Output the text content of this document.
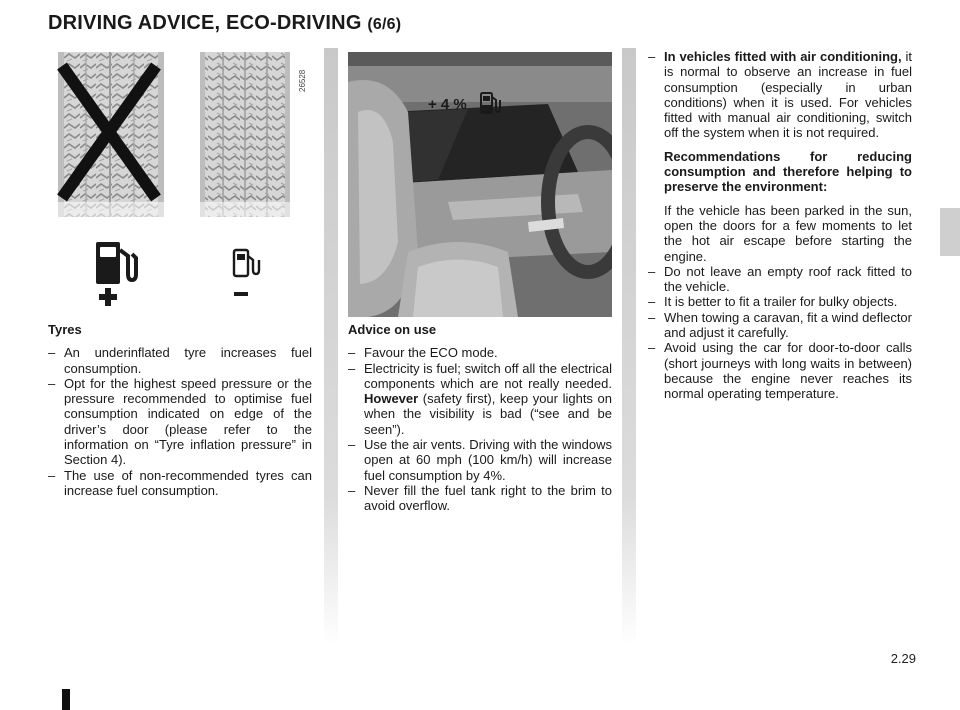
DRIVING ADVICE, ECO-DRIVING (6/6)
26528
+ 4 %

Tyres

– An underinflated tyre increases fuel consumption.
– Opt for the highest speed pressure or the pressure recommended to optimise fuel consumption indicated on edge of the driver’s door (please refer to the information on “Tyre inflation pressure” in Section 4).
– The use of non-recommended tyres can increase fuel consumption.

Advice on use

– Favour the ECO mode.
– Electricity is fuel; switch off all the electrical components which are not really needed. However (safety first), keep your lights on when the visibility is bad (“see and be seen”).
– Use the air vents. Driving with the windows open at 60 mph (100 km/h) will increase fuel consumption by 4%.
– Never fill the fuel tank right to the brim to avoid overflow.
– In vehicles fitted with air conditioning, it is normal to observe an increase in fuel consumption (especially in urban conditions) when it is used. For vehicles fitted with manual air conditioning, switch off the system when it is not required.

Recommendations for reducing consumption and therefore helping to preserve the environment:

If the vehicle has been parked in the sun, open the doors for a few moments to let the hot air escape before starting the engine.

– Do not leave an empty roof rack fitted to the vehicle.
– It is better to fit a trailer for bulky objects.
– When towing a caravan, fit a wind deflector and adjust it carefully.
– Avoid using the car for door-to-door calls (short journeys with long waits in between) because the engine never reaches its normal operating temperature.
2.29
